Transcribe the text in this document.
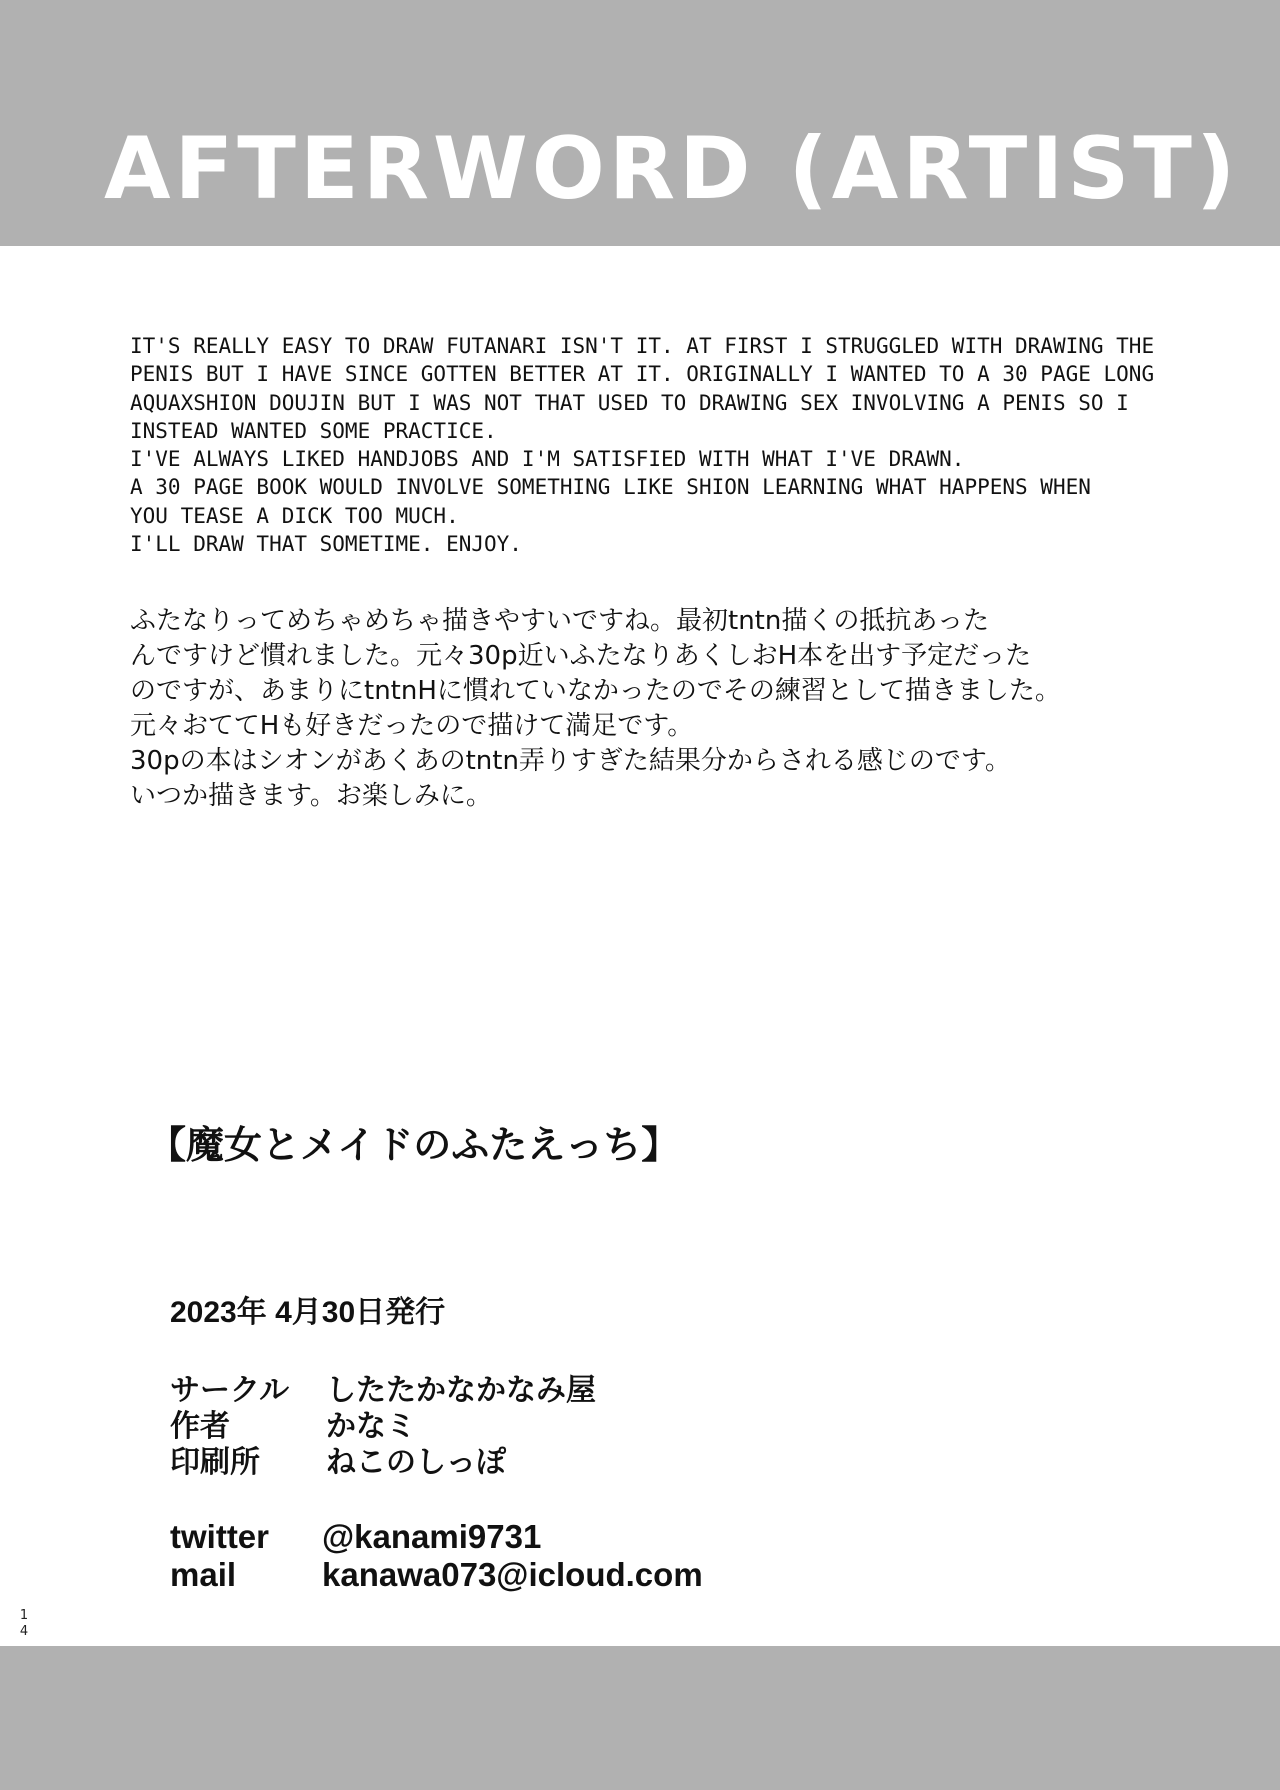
AFTERWORD (ARTIST)

IT'S REALLY EASY TO DRAW FUTANARI ISN'T IT. AT FIRST I STRUGGLED WITH DRAWING THE

PENIS BUT I HAVE SINCE GOTTEN BETTER AT IT. ORIGINALLY I WANTED TO A 30 PAGE LONG

AQUAXSHION DOUJIN BUT I WAS NOT THAT USED TO DRAWING SEX INVOLVING A PENIS SO I

INSTEAD WANTED SOME PRACTICE.

I'VE ALWAYS LIKED HANDJOBS AND I'M SATISFIED WITH WHAT I'VE DRAWN.

A 30 PAGE BOOK WOULD INVOLVE SOMETHING LIKE SHION LEARNING WHAT HAPPENS WHEN

YOU TEASE A DICK TOO MUCH.

I'LL DRAW THAT SOMETIME. ENJOY.

ふたなりってめちゃめちゃ描きやすいですね。最初tntn描くの抵抗あった

んですけど慣れました。元々30p近いふたなりあくしおH本を出す予定だった

のですが、あまりにtntnHに慣れていなかったのでその練習として描きました。

元々おててHも好きだったので描けて満足です。

30pの本はシオンがあくあのtntn弄りすぎた結果分からされる感じのです。

いつか描きます。お楽しみに。

【魔女とメイドのふたえっち】
2023年 4月30日発行
サークル したたかなかなみ屋
作者	かなミ
印刷所 ねこのしっぽ
twitter @kanami9731
mail	kanawa073@icloud.com
1
4
